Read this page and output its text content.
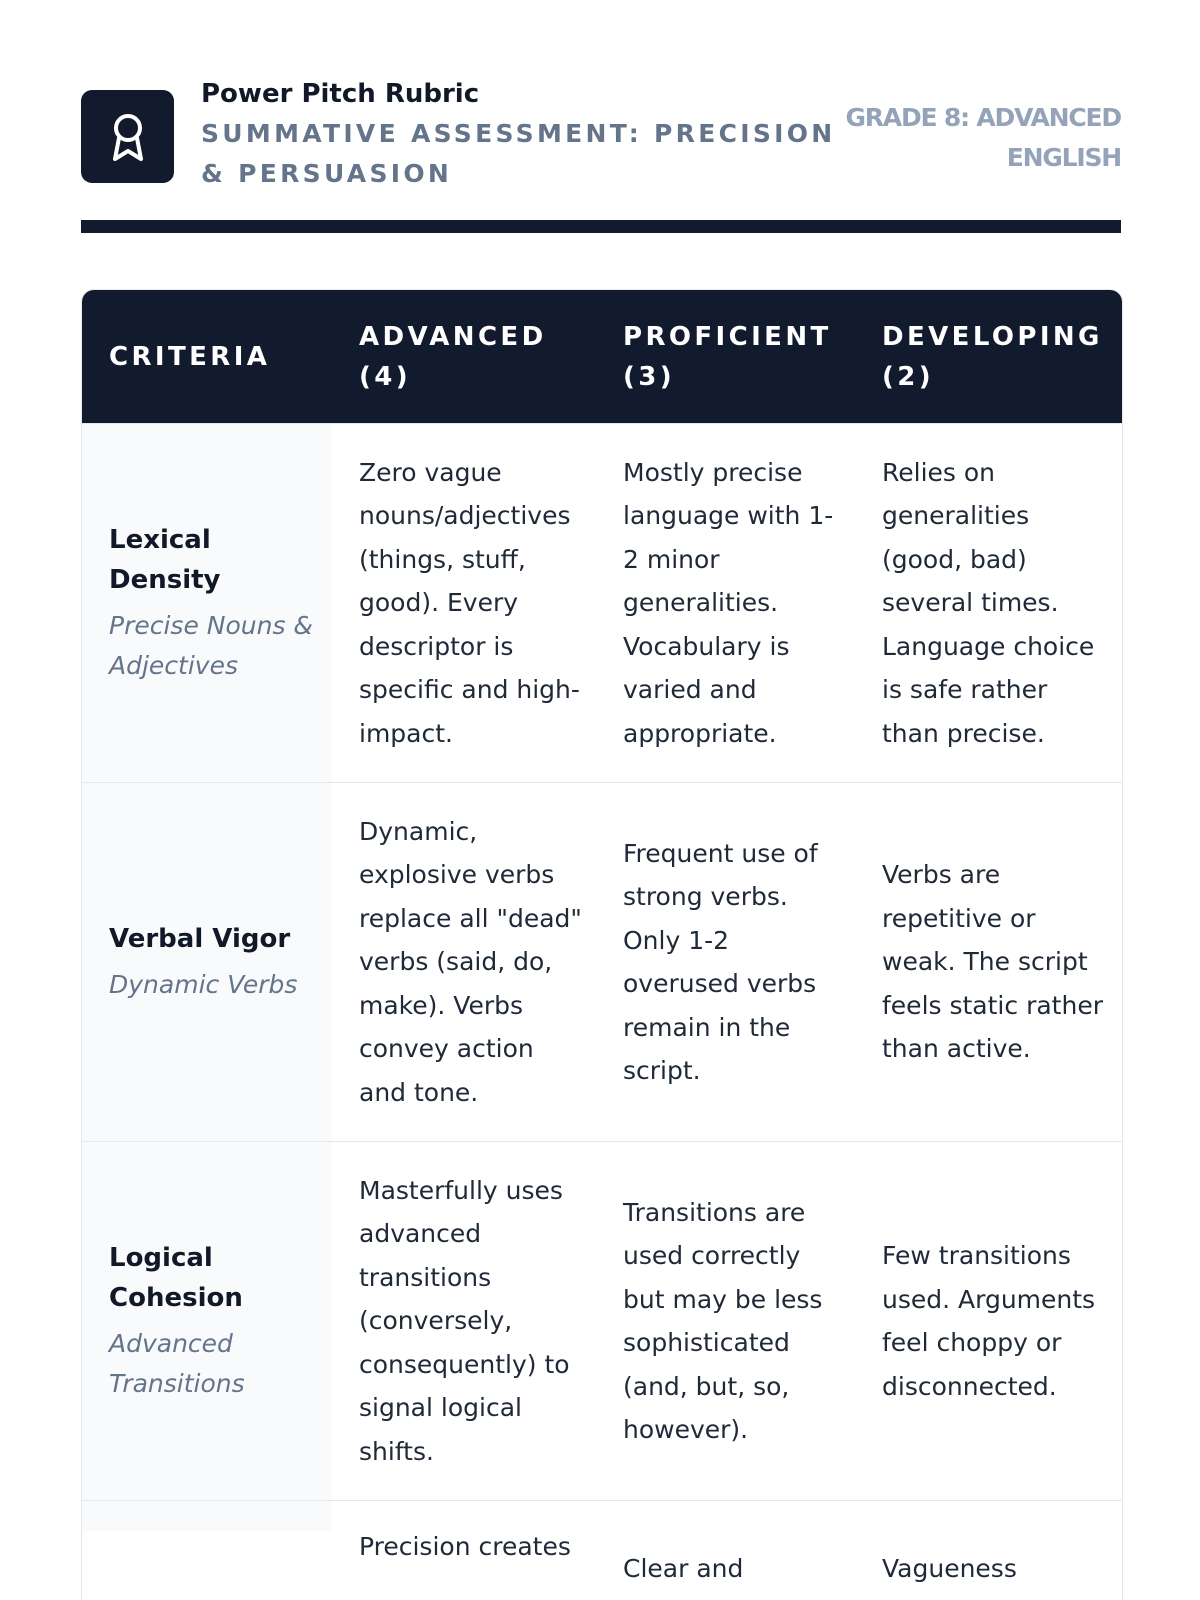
Power Pitch Rubric
SUMMATIVE ASSESSMENT: PRECISION & PERSUASION
GRADE 8: ADVANCED ENGLISH
CRITERIA
ADVANCED (4)
PROFICIENT (3)
DEVELOPING (2)
Lexical Density
Precise Nouns & Adjectives
Zero vague nouns/adjectives (things, stuff, good). Every descriptor is specific and high-impact.
Mostly precise language with 1-2 minor generalities. Vocabulary is varied and appropriate.
Relies on generalities (good, bad) several times. Language choice is safe rather than precise.
Verbal Vigor
Dynamic Verbs
Dynamic, explosive verbs replace all "dead" verbs (said, do, make). Verbs convey action and tone.
Frequent use of strong verbs. Only 1-2 overused verbs remain in the script.
Verbs are repetitive or weak. The script feels static rather than active.
Logical Cohesion
Advanced Transitions
Masterfully uses advanced transitions (conversely, consequently) to signal logical shifts.
Transitions are used correctly but may be less sophisticated (and, but, so, however).
Few transitions used. Arguments feel choppy or disconnected.
Precision creates
Clear and	Vagueness
